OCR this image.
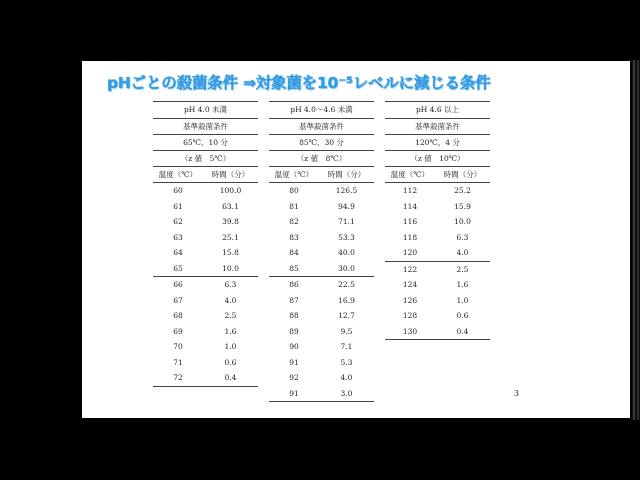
pHごとの殺菌条件 ⇒対象菌を10⁻⁵レベルに減じる条件
pH 4.0 未満
基準殺菌条件
65℃、10 分
（z 値　5℃）
温度（℃）	時間（分）
60	100.0
61	63.1
62	39.8
63	25.1
64	15.8
65	10.0
66	6.3
67	4.0
68	2.5
69	1.6
70	1.0
71	0.6
72	0.4
pH 4.0～4.6 未満
基準殺菌条件
85℃、30 分
（z 値　8℃）
温度（℃）	時間（分）
80	126.5
81	94.9
82	71.1
83	53.3
84	40.0
85	30.0
86	22.5
87	16.9
88	12.7
89	9.5
90	7.1
91	5.3
92	4.0
91	3.0
pH 4.6 以上
基準殺菌条件
120℃、4 分
（z 値　10℃）
温度（℃）	時間（分）
112	25.2
114	15.9
116	10.0
118	6.3
120	4.0
122	2.5
124	1.6
126	1.0
128	0.6
130	0.4
3
